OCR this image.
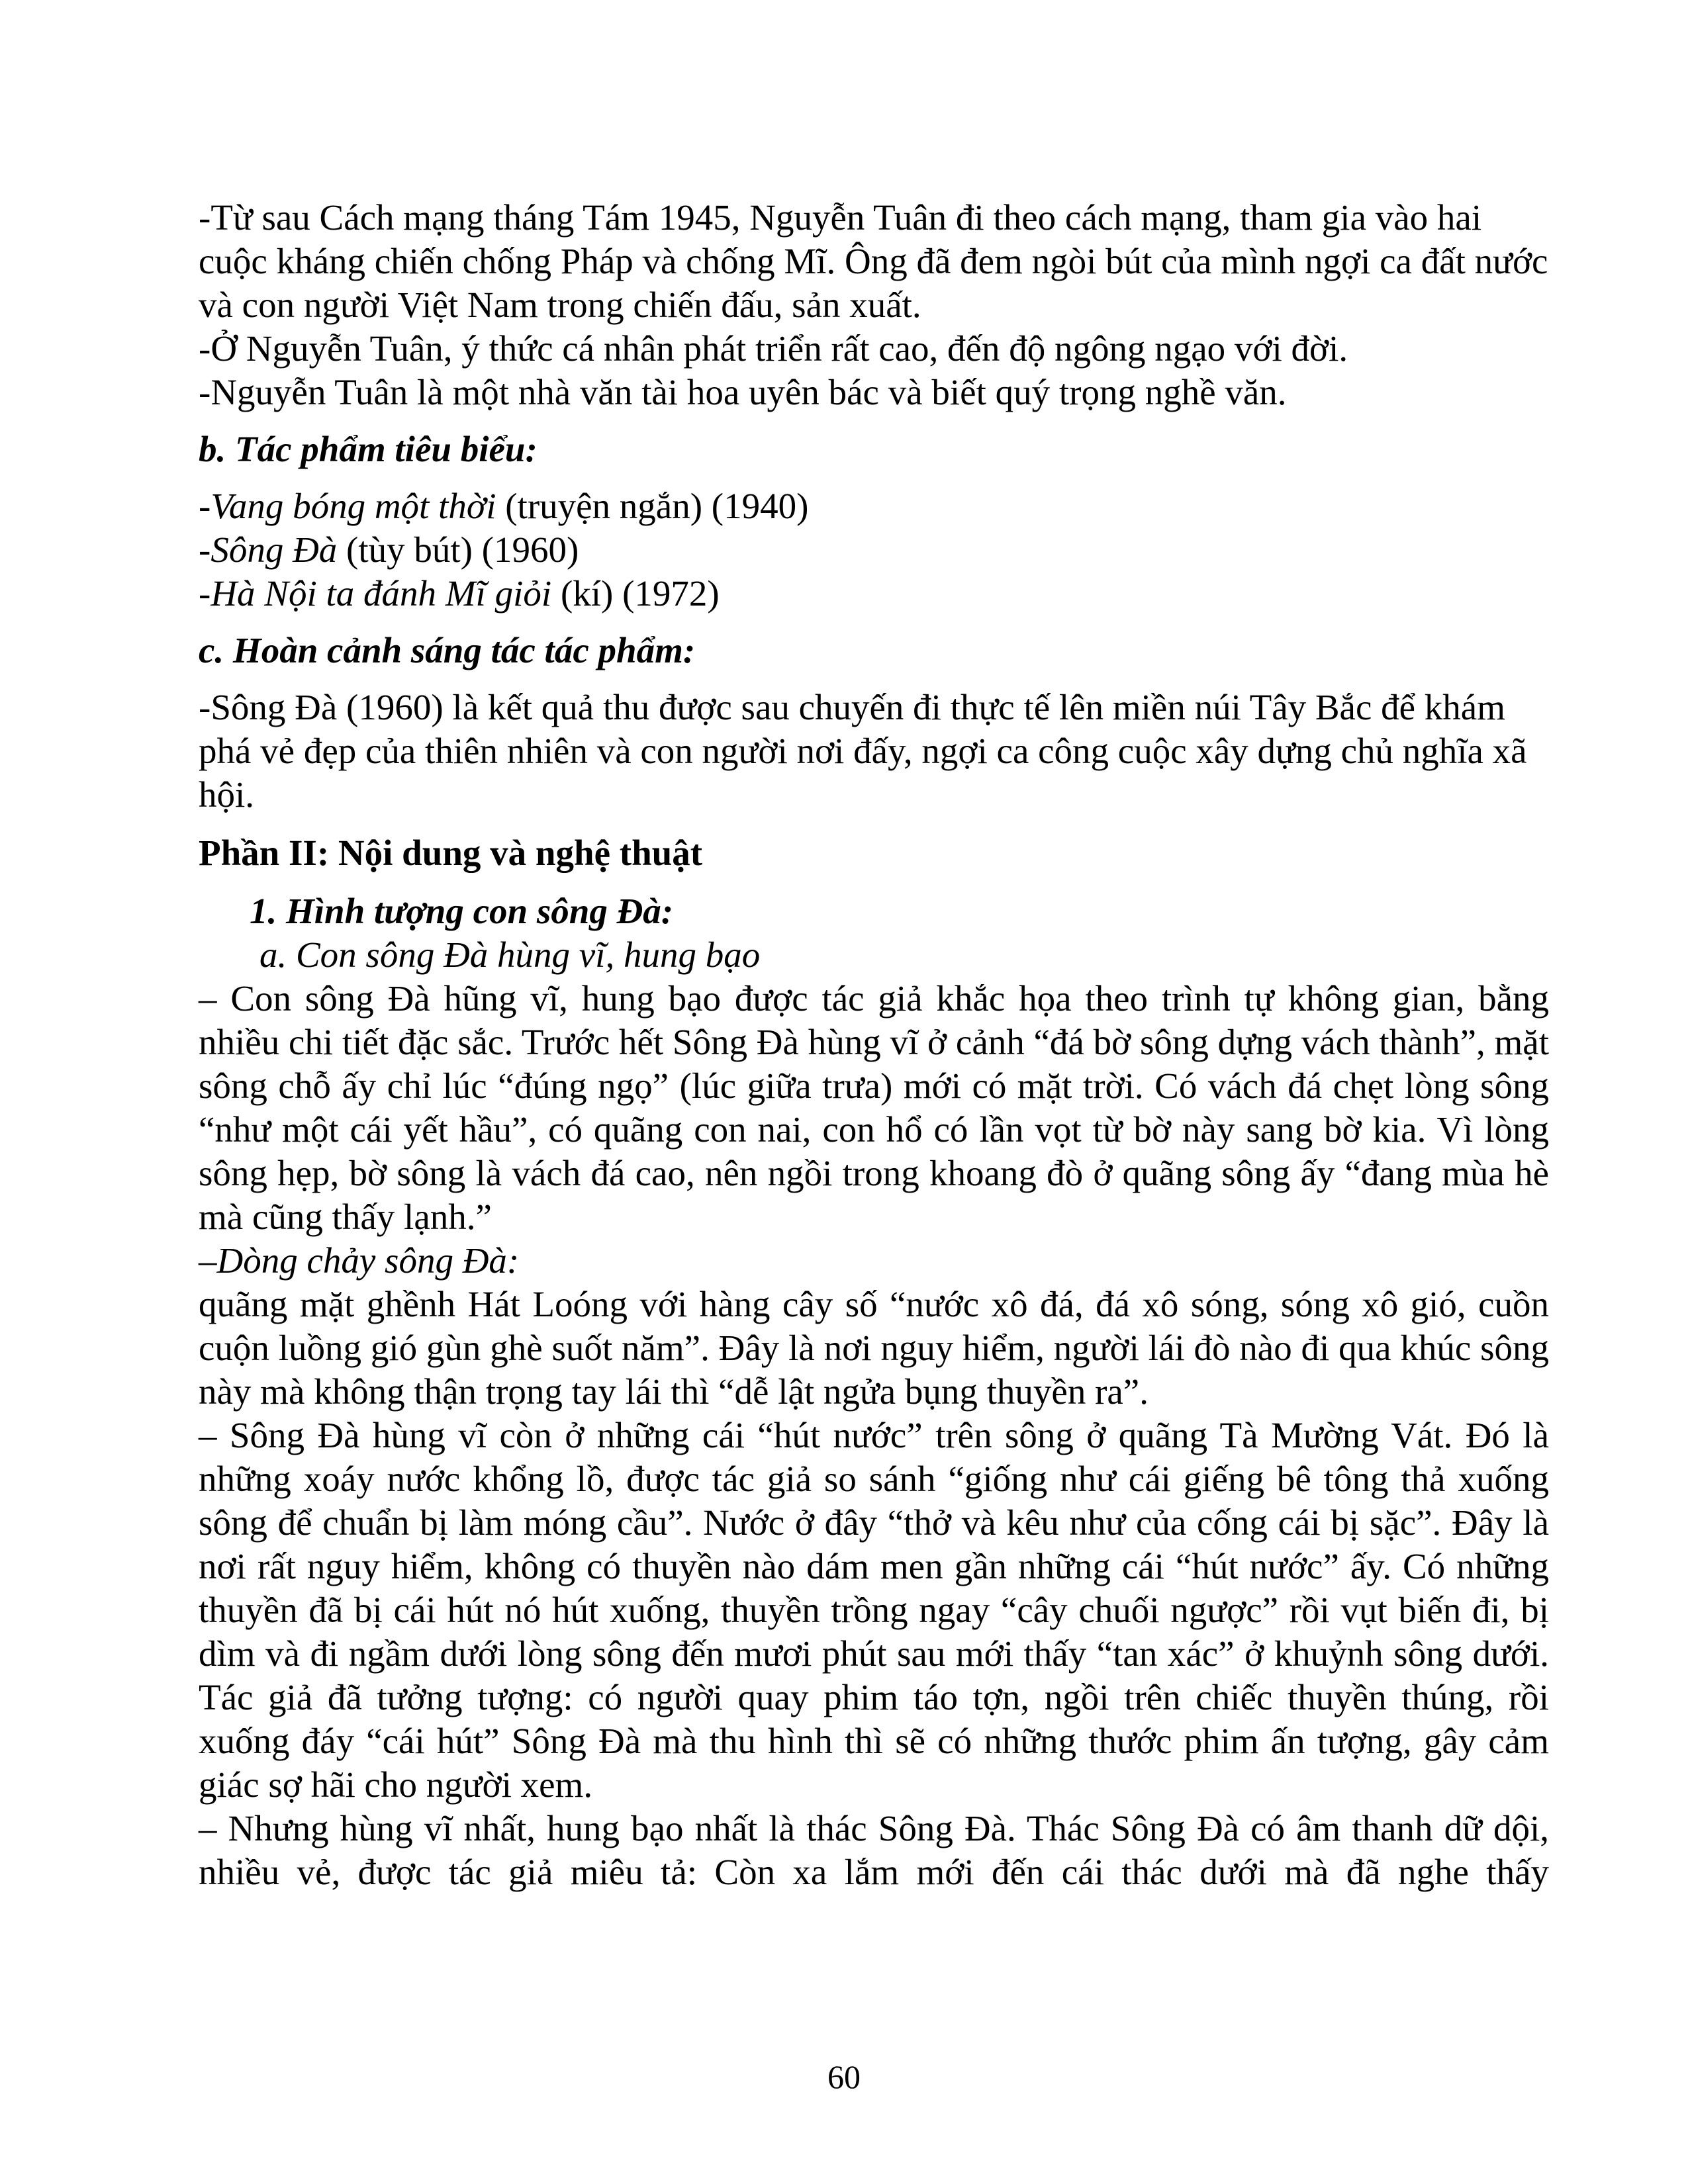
-Từ sau Cách mạng tháng Tám 1945, Nguyễn Tuân đi theo cách mạng, tham gia vào hai cuộc kháng chiến chống Pháp và chống Mĩ. Ông đã đem ngòi bút của mình ngợi ca đất nước và con người Việt Nam trong chiến đấu, sản xuất.

-Ở Nguyễn Tuân, ý thức cá nhân phát triển rất cao, đến độ ngông ngạo với đời.

-Nguyễn Tuân là một nhà văn tài hoa uyên bác và biết quý trọng nghề văn.

b. Tác phẩm tiêu biểu:

-Vang bóng một thời (truyện ngắn) (1940)

-Sông Đà (tùy bút) (1960)

-Hà Nội ta đánh Mĩ giỏi (kí) (1972)

c. Hoàn cảnh sáng tác tác phẩm:

-Sông Đà (1960) là kết quả thu được sau chuyến đi thực tế lên miền núi Tây Bắc để khám phá vẻ đẹp của thiên nhiên và con người nơi đấy, ngợi ca công cuộc xây dựng chủ nghĩa xã hội.

Phần II: Nội dung và nghệ thuật

1. Hình tượng con sông Đà:

a. Con sông Đà hùng vĩ, hung bạo

– Con sông Đà hũng vĩ, hung bạo được tác giả khắc họa theo trình tự không gian, bằng nhiều chi tiết đặc sắc. Trước hết Sông Đà hùng vĩ ở cảnh “đá bờ sông dựng vách thành”, mặt sông chỗ ấy chỉ lúc “đúng ngọ” (lúc giữa trưa) mới có mặt trời. Có vách đá chẹt lòng sông “như một cái yết hầu”, có quãng con nai, con hổ có lần vọt từ bờ này sang bờ kia. Vì lòng sông hẹp, bờ sông là vách đá cao, nên ngồi trong khoang đò ở quãng sông ấy “đang mùa hè mà cũng thấy lạnh.”

–Dòng chảy sông Đà:

quãng mặt ghềnh Hát Loóng với hàng cây số “nước xô đá, đá xô sóng, sóng xô gió, cuồn cuộn luồng gió gùn ghè suốt năm”. Đây là nơi nguy hiểm, người lái đò nào đi qua khúc sông này mà không thận trọng tay lái thì “dễ lật ngửa bụng thuyền ra”.

– Sông Đà hùng vĩ còn ở những cái “hút nước” trên sông ở quãng Tà Mường Vát. Đó là những xoáy nước khổng lồ, được tác giả so sánh “giống như cái giếng bê tông thả xuống sông để chuẩn bị làm móng cầu”. Nước ở đây “thở và kêu như của cống cái bị sặc”. Đây là nơi rất nguy hiểm, không có thuyền nào dám men gần những cái “hút nước” ấy. Có những thuyền đã bị cái hút nó hút xuống, thuyền trồng ngay “cây chuối ngược” rồi vụt biến đi, bị dìm và đi ngầm dưới lòng sông đến mươi phút sau mới thấy “tan xác” ở khuỷnh sông dưới. Tác giả đã tưởng tượng: có người quay phim táo tợn, ngồi trên chiếc thuyền thúng, rồi xuống đáy “cái hút” Sông Đà mà thu hình thì sẽ có những thước phim ấn tượng, gây cảm giác sợ hãi cho người xem.

– Nhưng hùng vĩ nhất, hung bạo nhất là thác Sông Đà. Thác Sông Đà có âm thanh dữ dội, nhiều vẻ, được tác giả miêu tả: Còn xa lắm mới đến cái thác dưới mà đã nghe thấy

60
